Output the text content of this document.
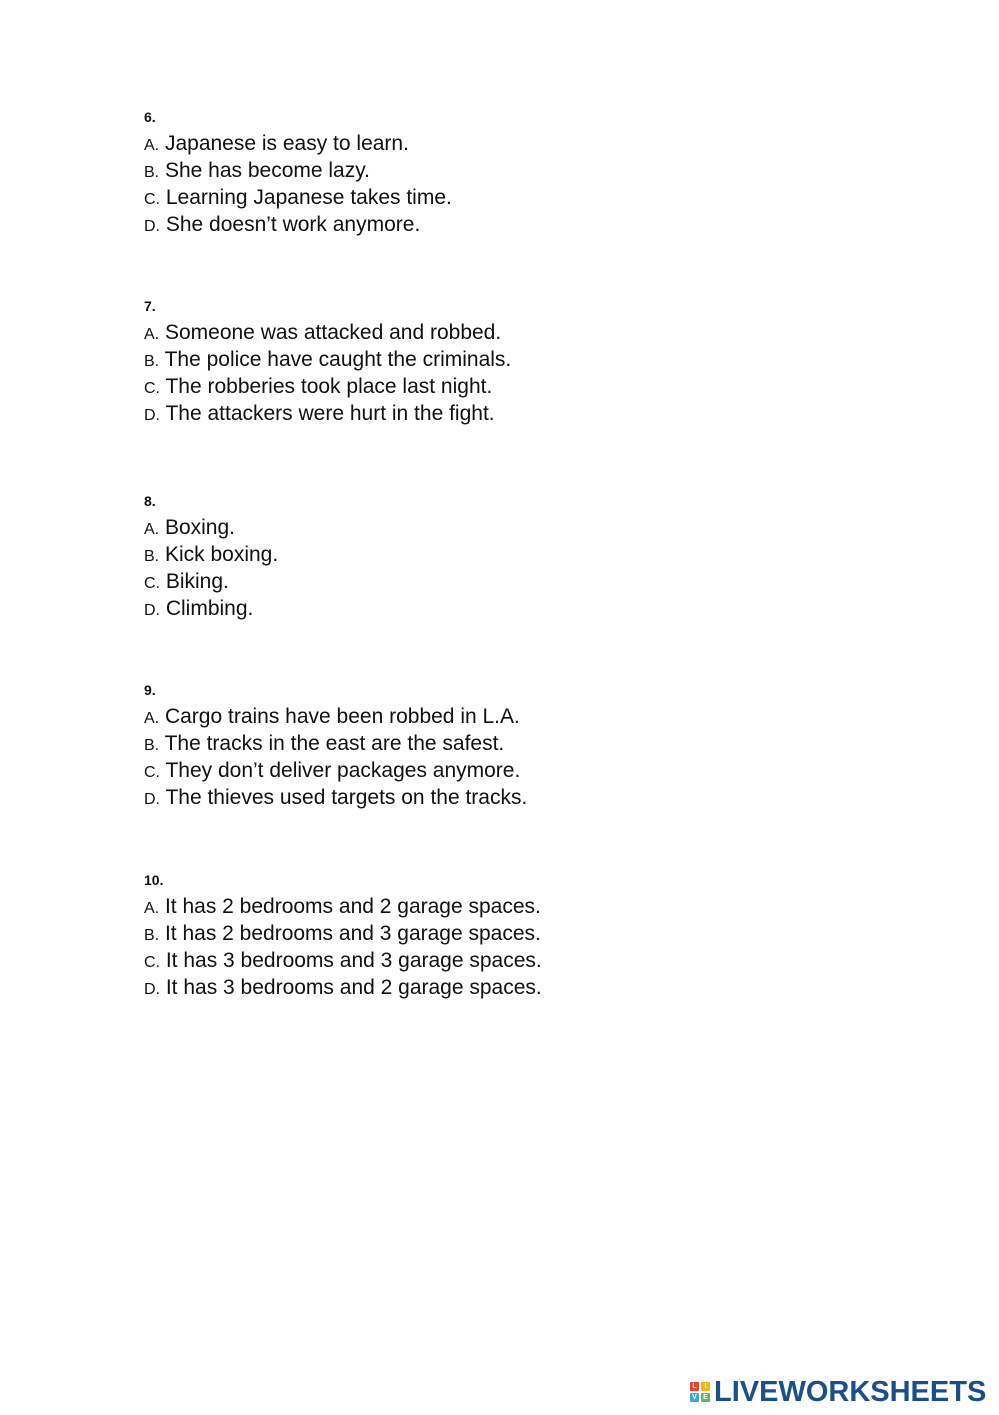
6.
A. Japanese is easy to learn.
B. She has become lazy.
C. Learning Japanese takes time.
D. She doesn’t work anymore.
7.
A. Someone was attacked and robbed.
B. The police have caught the criminals.
C. The robberies took place last night.
D. The attackers were hurt in the fight.
8.
A. Boxing.
B. Kick boxing.
C. Biking.
D. Climbing.
9.
A. Cargo trains have been robbed in L.A.
B. The tracks in the east are the safest.
C. They don’t deliver packages anymore.
D. The thieves used targets on the tracks.
10.
A. It has 2 bedrooms and 2 garage spaces.
B. It has 2 bedrooms and 3 garage spaces.
C. It has 3 bedrooms and 3 garage spaces.
D. It has 3 bedrooms and 2 garage spaces.
L	I
V E LIVEWORKSHEETS
